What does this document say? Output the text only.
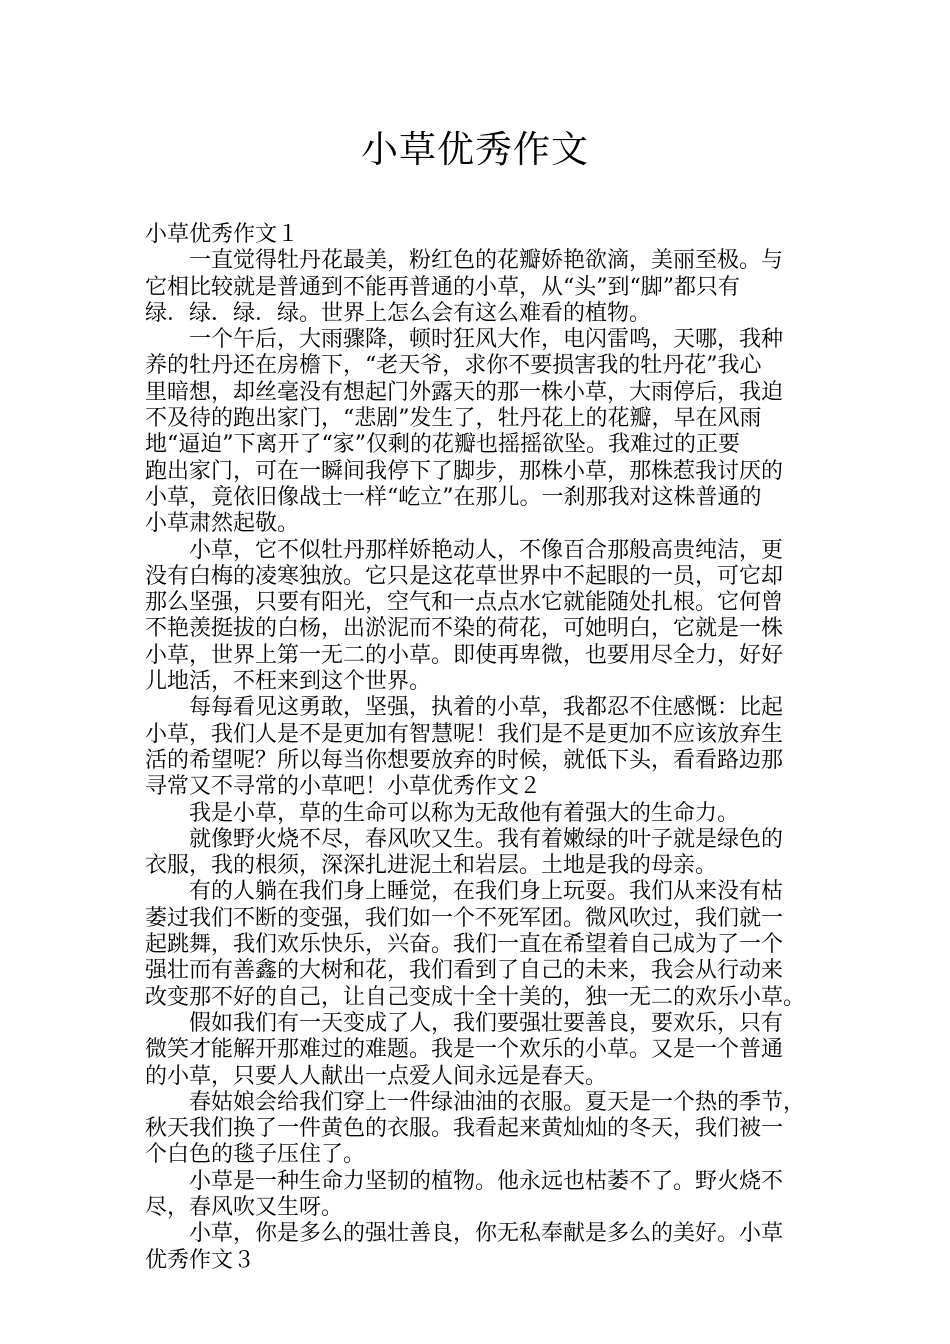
小草优秀作文
小草优秀作文１
一直觉得牡丹花最美，粉红色的花瓣娇艳欲滴，美丽至极。与
它相比较就是普通到不能再普通的小草，从“头”到“脚”都只有
绿．绿．绿．绿。世界上怎么会有这么难看的植物。
一个午后，大雨骤降，顿时狂风大作，电闪雷鸣，天哪，我种
养的牡丹还在房檐下，“老天爷，求你不要损害我的牡丹花”我心
里暗想，却丝毫没有想起门外露天的那一株小草，大雨停后，我迫
不及待的跑出家门，“悲剧”发生了，牡丹花上的花瓣，早在风雨
地“逼迫”下离开了“家”仅剩的花瓣也摇摇欲坠。我难过的正要
跑出家门，可在一瞬间我停下了脚步，那株小草，那株惹我讨厌的
小草，竟依旧像战士一样“屹立”在那儿。一刹那我对这株普通的
小草肃然起敬。
小草，它不似牡丹那样娇艳动人，不像百合那般高贵纯洁，更
没有白梅的凌寒独放。它只是这花草世界中不起眼的一员，可它却
那么坚强，只要有阳光，空气和一点点水它就能随处扎根。它何曾
不艳羡挺拔的白杨，出淤泥而不染的荷花，可她明白，它就是一株
小草，世界上第一无二的小草。即使再卑微，也要用尽全力，好好
儿地活，不枉来到这个世界。
每每看见这勇敢，坚强，执着的小草，我都忍不住感慨：比起
小草，我们人是不是更加有智慧呢！我们是不是更加不应该放弃生
活的希望呢？所以每当你想要放弃的时候，就低下头，看看路边那
寻常又不寻常的小草吧！小草优秀作文２
我是小草，草的生命可以称为无敌他有着强大的生命力。
就像野火烧不尽，春风吹又生。我有着嫩绿的叶子就是绿色的
衣服，我的根须，深深扎进泥土和岩层。土地是我的母亲。
有的人躺在我们身上睡觉，在我们身上玩耍。我们从来没有枯
萎过我们不断的变强，我们如一个不死军团。微风吹过，我们就一
起跳舞，我们欢乐快乐，兴奋。我们一直在希望着自己成为了一个
强壮而有善鑫的大树和花，我们看到了自己的未来，我会从行动来
改变那不好的自己，让自己变成十全十美的，独一无二的欢乐小草。
假如我们有一天变成了人，我们要强壮要善良，要欢乐，只有
微笑才能解开那难过的难题。我是一个欢乐的小草。又是一个普通
的小草，只要人人献出一点爱人间永远是春天。
春姑娘会给我们穿上一件绿油油的衣服。夏天是一个热的季节，
秋天我们换了一件黄色的衣服。我看起来黄灿灿的冬天，我们被一
个白色的毯子压住了。
小草是一种生命力坚韧的植物。他永远也枯萎不了。野火烧不
尽，春风吹又生呀。
小草，你是多么的强壮善良，你无私奉献是多么的美好。小草
优秀作文３
